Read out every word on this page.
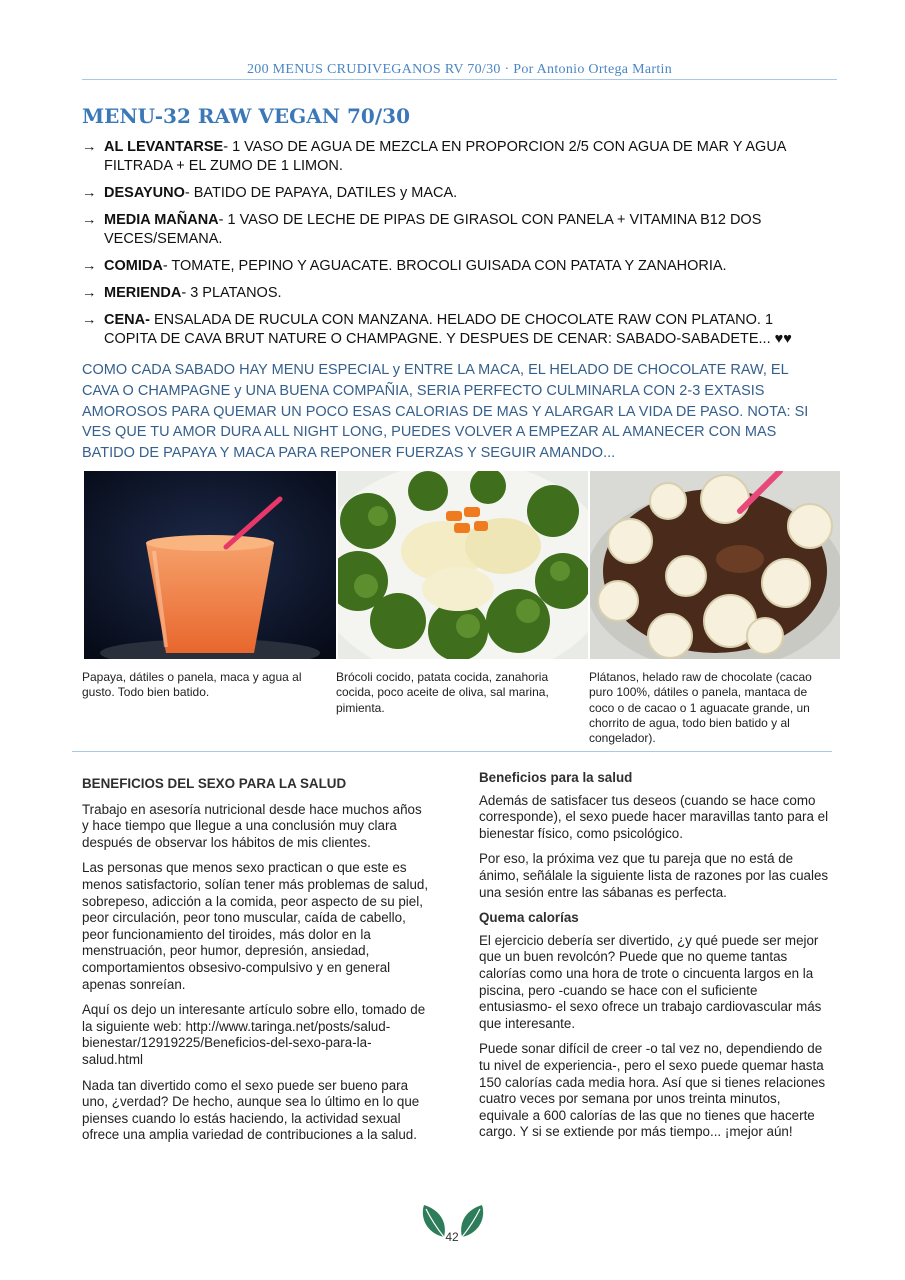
200 MENUS CRUDIVEGANOS RV 70/30 · Por Antonio Ortega Martin
MENU-32 RAW VEGAN 70/30
→ AL LEVANTARSE- 1 VASO DE AGUA DE MEZCLA EN PROPORCION 2/5 CON AGUA DE MAR Y AGUA FILTRADA + EL ZUMO DE 1 LIMON.
→ DESAYUNO- BATIDO DE PAPAYA, DATILES y MACA.
→ MEDIA MAÑANA- 1 VASO DE LECHE DE PIPAS DE GIRASOL CON PANELA + VITAMINA B12 DOS VECES/SEMANA.
→ COMIDA- TOMATE, PEPINO Y AGUACATE. BROCOLI GUISADA CON PATATA Y ZANAHORIA.
→ MERIENDA- 3 PLATANOS.
→ CENA- ENSALADA DE RUCULA CON MANZANA. HELADO DE CHOCOLATE RAW CON PLATANO. 1 COPITA DE CAVA BRUT NATURE O CHAMPAGNE. Y DESPUES DE CENAR: SABADO-SABADETE... ♥♥

COMO CADA SABADO HAY MENU ESPECIAL y ENTRE LA MACA, EL HELADO DE CHOCOLATE RAW, EL CAVA O CHAMPAGNE y UNA BUENA COMPAÑIA, SERIA PERFECTO CULMINARLA CON 2-3 EXTASIS AMOROSOS PARA QUEMAR UN POCO ESAS CALORIAS DE MAS Y ALARGAR LA VIDA DE PASO. NOTA: SI VES QUE TU AMOR DURA ALL NIGHT LONG, PUEDES VOLVER A EMPEZAR AL AMANECER CON MAS BATIDO DE PAPAYA Y MACA PARA REPONER FUERZAS Y SEGUIR AMANDO...

Papaya, dátiles o panela, maca y agua al gusto. Todo bien batido.

Brócoli cocido, patata cocida, zanahoria cocida, poco aceite de oliva, sal marina, pimienta.

Plátanos, helado raw de chocolate (cacao puro 100%, dátiles o panela, mantaca de coco o de cacao o 1 aguacate grande, un chorrito de agua, todo bien batido y al congelador).

BENEFICIOS DEL SEXO PARA LA SALUD

Trabajo en asesoría nutricional desde hace muchos años y hace tiempo que llegue a una conclusión muy clara después de observar los hábitos de mis clientes.

Las personas que menos sexo practican o que este es menos satisfactorio, solían tener más problemas de salud, sobrepeso, adicción a la comida, peor aspecto de su piel, peor circulación, peor tono muscular, caída de cabello, peor funcionamiento del tiroides, más dolor en la menstruación, peor humor, depresión, ansiedad, comportamientos obsesivo-compulsivo y en general apenas sonreían.

Aquí os dejo un interesante artículo sobre ello, tomado de la siguiente web: http://www.taringa.net/posts/salud-bienestar/12919225/Beneficios-del-sexo-para-la-salud.html

Nada tan divertido como el sexo puede ser bueno para uno, ¿verdad? De hecho, aunque sea lo último en lo que pienses cuando lo estás haciendo, la actividad sexual ofrece una amplia variedad de contribuciones a la salud.

Beneficios para la salud

Además de satisfacer tus deseos (cuando se hace como corresponde), el sexo puede hacer maravillas tanto para el bienestar físico, como psicológico.

Por eso, la próxima vez que tu pareja que no está de ánimo, señálale la siguiente lista de razones por las cuales una sesión entre las sábanas es perfecta.

Quema calorías

El ejercicio debería ser divertido, ¿y qué puede ser mejor que un buen revolcón? Puede que no queme tantas calorías como una hora de trote o cincuenta largos en la piscina, pero -cuando se hace con el suficiente entusiasmo- el sexo ofrece un trabajo cardiovascular más que interesante.

Puede sonar difícil de creer -o tal vez no, dependiendo de tu nivel de experiencia-, pero el sexo puede quemar hasta 150 calorías cada media hora. Así que si tienes relaciones cuatro veces por semana por unos treinta minutos, equivale a 600 calorías de las que no tienes que hacerte cargo. Y si se extiende por más tiempo... ¡mejor aún!

42
